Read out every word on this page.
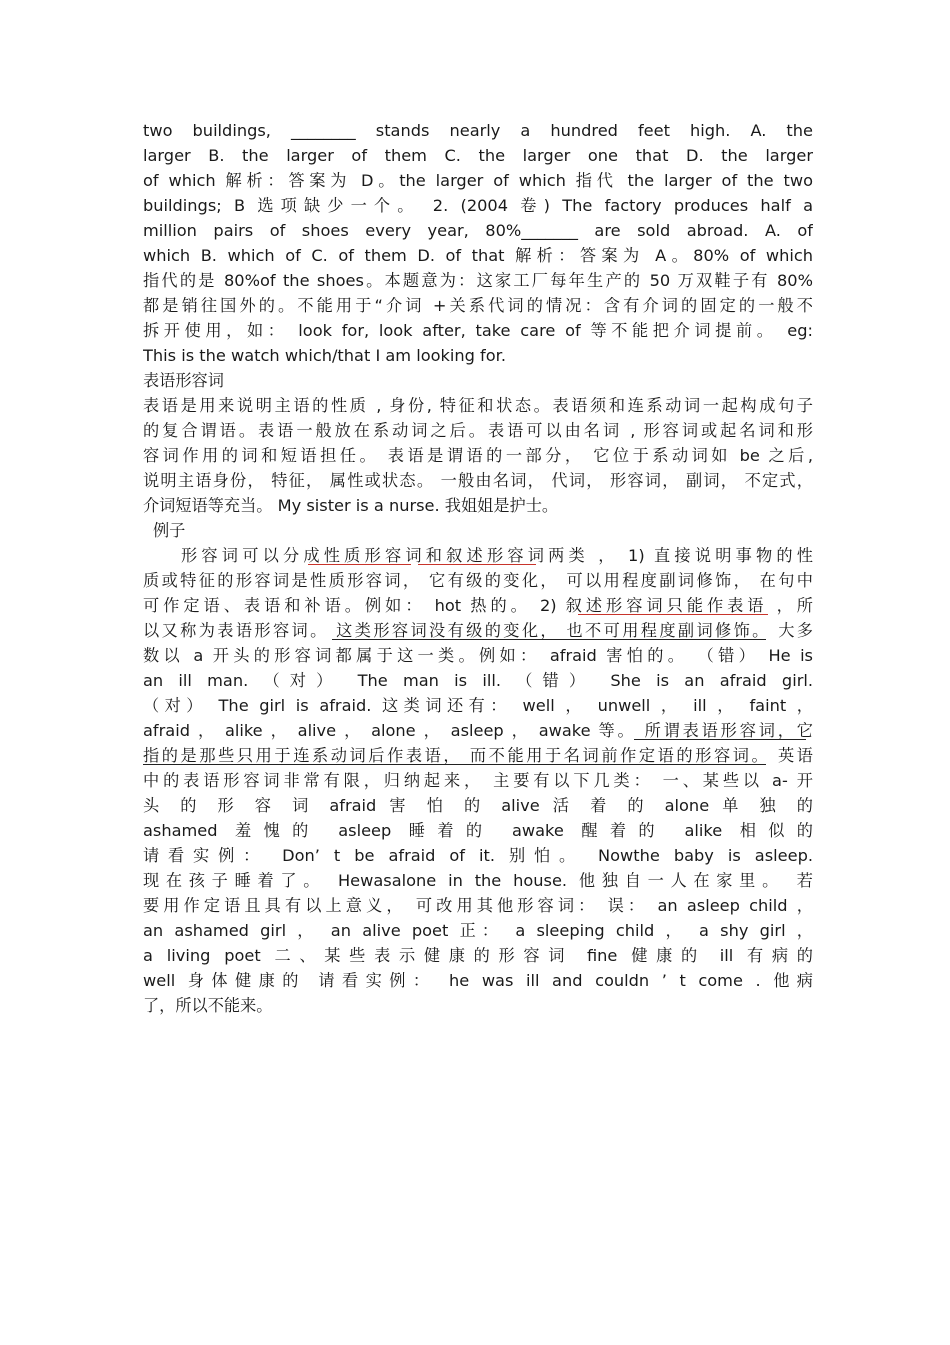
two buildings, ________ stands nearly a hundred feet high. A. the
larger B. the larger of them C. the larger one that D. the larger
of which 解析：答案为 D。the larger of which 指代 the larger of the two
buildings; B 选项缺少一个。 2. (2004 卷) The factory produces half a
million pairs of shoes every year, 80%_______ are sold abroad. A. of
which B. which of C. of them D. of that 解析：答案为 A。80% of which
指代的是 80%of the shoes。本题意为：这家工厂每年生产的 50 万双鞋子有 80%
都是销往国外的。不能用于“介词 +关系代词的情况：含有介词的固定的一般不
拆开使用，如： look for, look after, take care of 等不能把介词提前。 eg:
This is the watch which/that I am looking for.
表语形容词
表语是用来说明主语的性质 , 身份, 特征和状态。表语须和连系动词一起构成句子
的复合谓语。表语一般放在系动词之后。表语可以由名词 , 形容词或起名词和形
容词作用的词和短语担任。 表语是谓语的一部分， 它位于系动词如 be 之后,
说明主语身份， 特征， 属性或状态。 一般由名词， 代词， 形容词， 副词， 不定式，
介词短语等充当。 My sister is a nurse. 我姐姐是护士。
例子
形容词可以分成性质形容词和叙述形容词两类 ， 1) 直接说明事物的性
质或特征的形容词是性质形容词， 它有级的变化， 可以用程度副词修饰， 在句中
可作定语、表语和补语。例如： hot 热的。 2) 叙述形容词只能作表语 ，所
以又称为表语形容词。 这类形容词没有级的变化， 也不可用程度副词修饰。 大多
数以 a 开头的形容词都属于这一类。例如： afraid 害怕的。 （错） He is
an ill man. （对） The man is ill. （错） She is an afraid girl.
（对） The girl is afraid. 这类词还有： well ， unwell ， ill ， faint ，
afraid ， alike ， alive ， alone ， asleep ， awake 等。 所谓表语形容词，它
指的是那些只用于连系动词后作表语， 而不能用于名词前作定语的形容词。 英语
中的表语形容词非常有限，归纳起来， 主要有以下几类： 一、某些以 a- 开
头 的 形 容 词 afraid 害 怕 的 alive 活 着 的 alone 单 独 的
ashamed 羞愧的 asleep 睡着的 awake 醒着的 alike 相似的
请看实例： Don’ t be afraid of it. 别怕。 Nowthe baby is asleep.
现在孩子睡着了。 Hewasalone in the house. 他独自一人在家里。 若
要用作定语且具有以上意义， 可改用其他形容词： 误： an asleep child ，
an ashamed girl ， an alive poet 正： a sleeping child ， a shy girl ，
a living poet 二、某些表示健康的形容词 fine 健康的 ill 有病的
well 身体健康的 请看实例： he was ill and couldn ’ t come . 他病
了，所以不能来。
